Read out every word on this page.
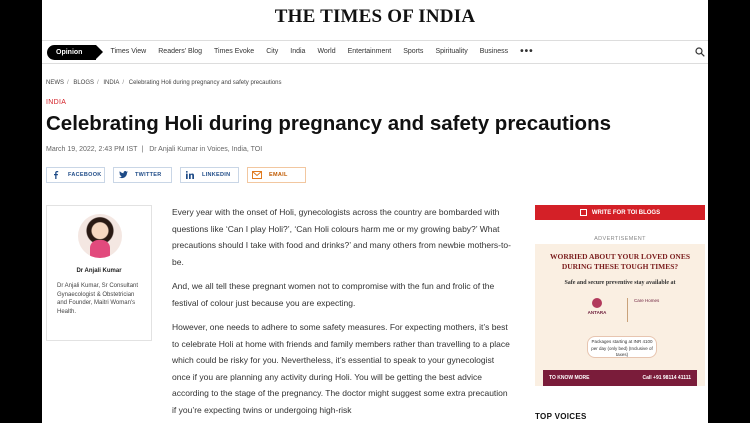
THE TIMES OF INDIA
Opinion	Times View Readers' Blog Times Evoke City India World Entertainment Sports Spirituality Business •••
NEWS / BLOGS / INDIA / Celebrating Holi during pregnancy and safety precautions
INDIA
Celebrating Holi during pregnancy and safety precautions
March 19, 2022, 2:43 PM IST | Dr Anjali Kumar in Voices, India, TOI
FACEBOOK	TWITTER	LINKEDIN	EMAIL
Dr Anjali Kumar
Dr Anjali Kumar, Sr Consultant Gynaecologist & Obstetrician and Founder, Maitri Woman's Health.

Every year with the onset of Holi, gynecologists across the country are bombarded with questions like ‘Can I play Holi?’, ‘Can Holi colours harm me or my growing baby?’ What precautions should I take with food and drinks?’ and many others from newbie mothers-to-be.

And, we all tell these pregnant women not to compromise with the fun and frolic of the festival of colour just because you are expecting.

However, one needs to adhere to some safety measures. For expecting mothers, it’s best to celebrate Holi at home with friends and family members rather than travelling to a place which could be risky for you. Nevertheless, it’s essential to speak to your gynecologist once if you are planning any activity during Holi. You will be getting the best advice according to the stage of the pregnancy. The doctor might suggest some extra precaution if you’re expecting twins or undergoing high-risk

WRITE FOR TOI BLOGS
ADVERTISEMENT
WORRIED ABOUT YOUR LOVED ONES DURING THESE TOUGH TIMES?
Safe and secure preventive stay available at
ANTARA
Care Homes
Packages starting at INR 4100 per day (only bed) (Inclusive of taxes)
TO KNOW MORE	Call +91 98114 41111
TOP VOICES
